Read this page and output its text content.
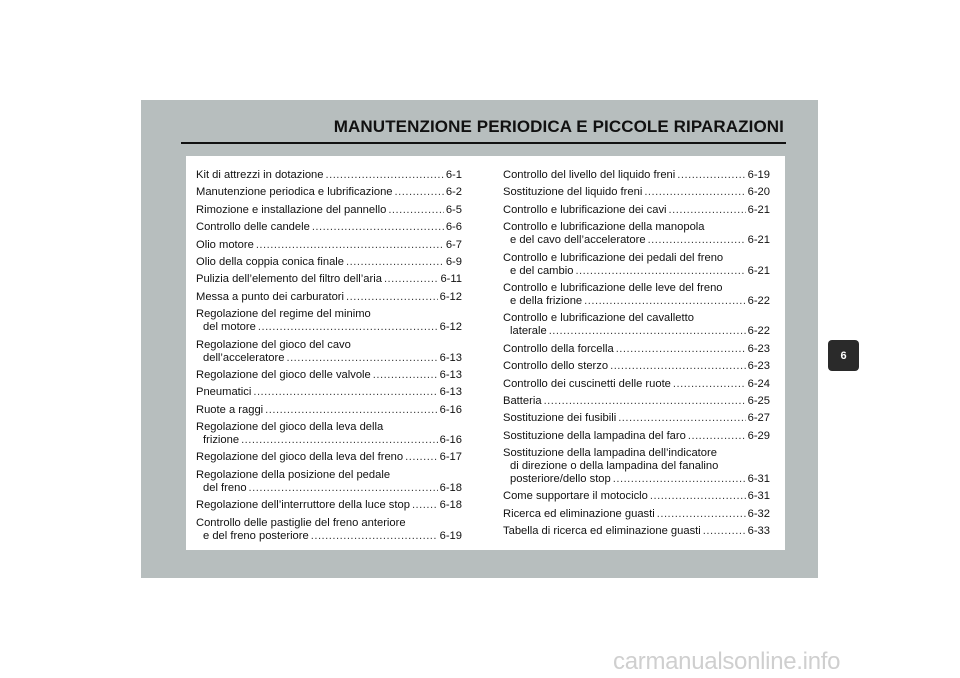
MANUTENZIONE PERIODICA E PICCOLE RIPARAZIONI
Kit di attrezzi in dotazione .....	6-1
Manutenzione periodica e lubrificazione .....	6-2
Rimozione e installazione del pannello .....	6-5
Controllo delle candele .....	6-6
Olio motore .....	6-7
Olio della coppia conica finale .....	6-9
Pulizia dell’elemento del filtro dell’aria .....	6-11
Messa a punto dei carburatori .....	6-12
Regolazione del regime del minimo
del motore .....	6-12
Regolazione del gioco del cavo
dell’acceleratore .....	6-13
Regolazione del gioco delle valvole .....	6-13
Pneumatici .....	6-13
Ruote a raggi .....	6-16
Regolazione del gioco della leva della
frizione .....	6-16
Regolazione del gioco della leva del freno .....	6-17
Regolazione della posizione del pedale
del freno .....	6-18
Regolazione dell’interruttore della luce stop .....	6-18
Controllo delle pastiglie del freno anteriore
e del freno posteriore .....	6-19
Controllo del livello del liquido freni .....	6-19
Sostituzione del liquido freni .....	6-20
Controllo e lubrificazione dei cavi .....	6-21
Controllo e lubrificazione della manopola
e del cavo dell’acceleratore .....	6-21
Controllo e lubrificazione dei pedali del freno
e del cambio .....	6-21
Controllo e lubrificazione delle leve del freno
e della frizione .....	6-22
Controllo e lubrificazione del cavalletto
laterale .....	6-22
Controllo della forcella .....	6-23
Controllo dello sterzo .....	6-23
Controllo dei cuscinetti delle ruote .....	6-24
Batteria .....	6-25
Sostituzione dei fusibili .....	6-27
Sostituzione della lampadina del faro .....	6-29
Sostituzione della lampadina dell’indicatore
di direzione o della lampadina del fanalino
posteriore/dello stop .....	6-31
Come supportare il motociclo .....	6-31
Ricerca ed eliminazione guasti .....	6-32
Tabella di ricerca ed eliminazione guasti .....	6-33
6
carmanualsonline.info
